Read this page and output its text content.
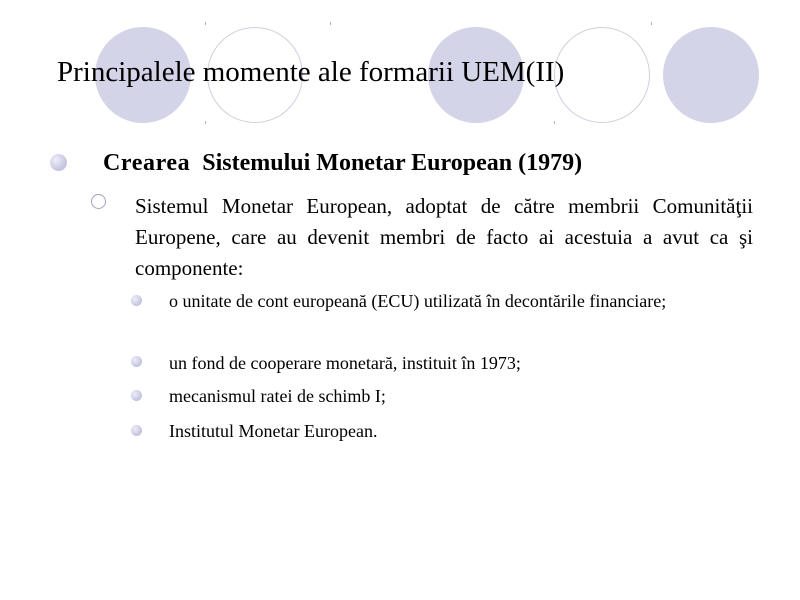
Principalele momente ale formarii UEM(II)
Crearea Sistemului Monetar European (1979)
Sistemul Monetar European, adoptat de către membrii Comunităţii Europene, care au devenit membri de facto ai acestuia a avut ca şi componente:
o unitate de cont europeană (ECU) utilizată în decontările financiare;
un fond de cooperare monetară, instituit în 1973;
mecanismul ratei de schimb I;
Institutul Monetar European.
